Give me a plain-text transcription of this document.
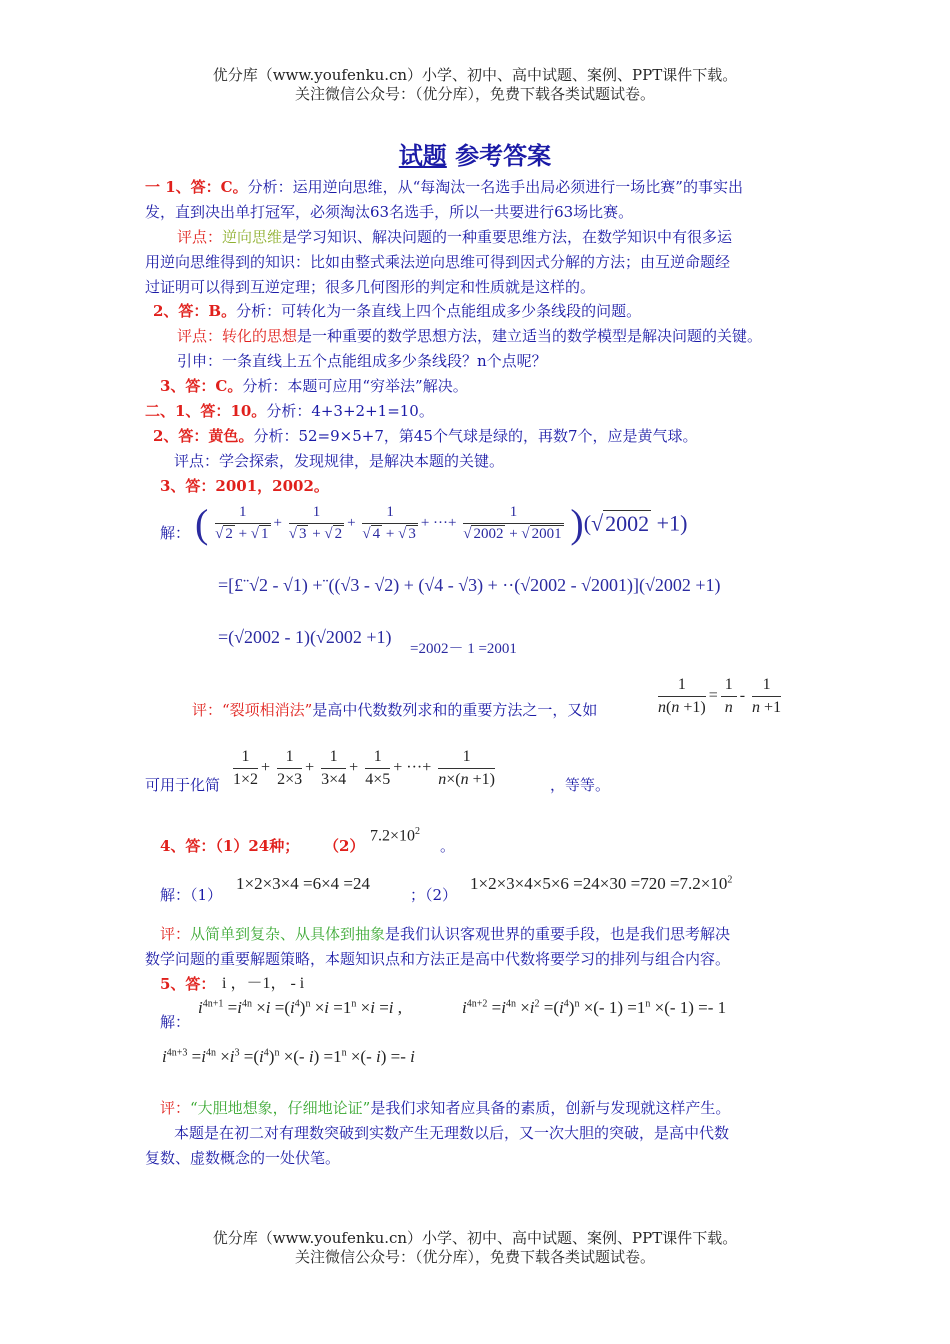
优分库（www.youfenku.cn）小学、初中、高中试题、案例、PPT课件下载。
关注微信公众号：（优分库），免费下载各类试题试卷。
试题 参考答案
一 1、答：C。分析：运用逆向思维，从“每淘汰一名选手出局必须进行一场比赛”的事实出
发，直到决出单打冠军，必须淘汰63名选手，所以一共要进行63场比赛。
评点：逆向思维是学习知识、解决问题的一种重要思维方法，在数学知识中有很多运
用逆向思维得到的知识：比如由整式乘法逆向思维可得到因式分解的方法；由互逆命题经
过证明可以得到互逆定理；很多几何图形的判定和性质就是这样的。
2、答：B。分析：可转化为一条直线上四个点能组成多少条线段的问题。
评点：转化的思想是一种重要的数学思想方法，建立适当的数学模型是解决问题的关键。
引申：一条直线上五个点能组成多少条线段？n个点呢？
3、答：C。分析：本题可应用“穷举法”解决。
二、1、答：10。分析：4+3+2+1=10。
2、答：黄色。分析：52=9×5+7，第45个气球是绿的，再数7个，应是黄气球。
评点：学会探索，发现规律，是解决本题的关键。
3、答：2001，2002。
解： ( $\frac{1}{√ 2 + √ 1} + \frac{1}{√ 3 + √ 2} + \frac{1}{√ 4 + √ 3}$ + ···+ $\frac{1}{√ 2002 + √ 2001} )(√2002 +1)$
=[£¨√2 - √1) +¨((√3 - √2) + (√4 - √3) + ··(√2002 - √2001)](√2002 +1)
=(√2002 - 1)(√2002 +1)
=2002－ 1 =2001
评：“裂项相消法”是高中代数数列求和的重要方法之一，又如	$\frac{1}{n(n +1)} = \frac{1}{n} - \frac{1}{n +1}$
可用于化简 $\frac{1}{1\times 2} + \frac{1}{2\times 3} + \frac{1}{3\times 4} + \frac{1}{4\times 5}$ + ···+ $\frac{1}{n\times(n +1)}$	，等等。
4、答：（1）24种； （2）
$7.2\times 10^2$
。
解：（1）
1×2×3×4 =6×4 =24
；（2）
$1\times 2\times 3\times 4\times 5\times 6 =24\times 30 =720 =7.2\times 10^2$
评：从简单到复杂、从具体到抽象是我们认识客观世界的重要手段，也是我们思考解决
数学问题的重要解题策略，本题知识点和方法正是高中代数将要学习的排列与组合内容。
5、答： i ，－1， - i
解：
$i^{4n+1} =i^{4n} \times i =(i^4)^n \times i =1^n \times i =i$ ,	$i^{4n+2} =i^{4n} \times i^2 =(i^4)^n$ ×(- $1) =1^n$ ×(- 1) =- 1
$i^{4n+3} =i^{4n} \times i^3 =(i^4)^n$ ×(- $i) =1^n$ ×(- i) =- i
评：“大胆地想象，仔细地论证”是我们求知者应具备的素质，创新与发现就这样产生。
本题是在初二对有理数突破到实数产生无理数以后，又一次大胆的突破，是高中代数
复数、虚数概念的一处伏笔。
优分库（www.youfenku.cn）小学、初中、高中试题、案例、PPT课件下载。
关注微信公众号：（优分库），免费下载各类试题试卷。
